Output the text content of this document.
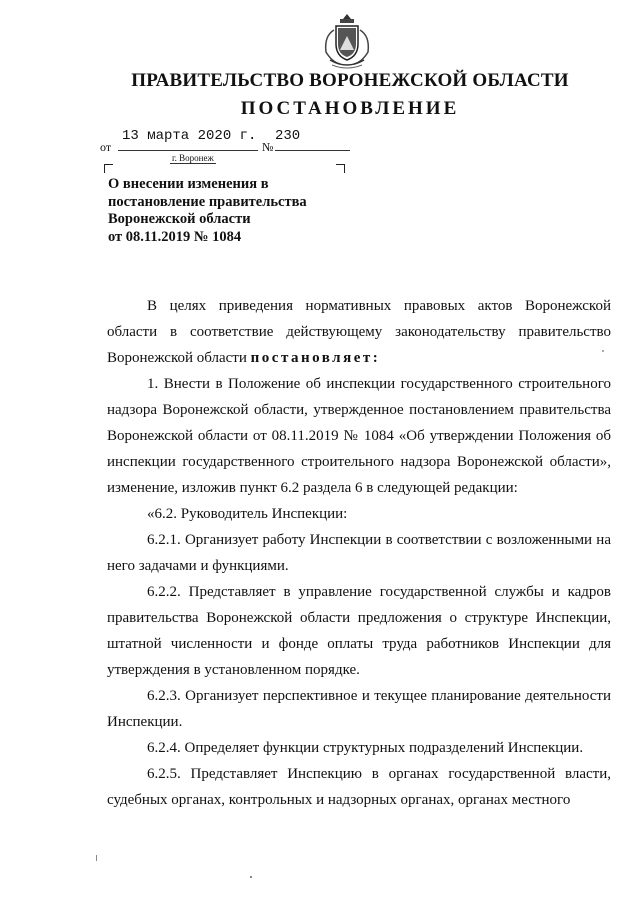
ПРАВИТЕЛЬСТВО ВОРОНЕЖСКОЙ ОБЛАСТИ
ПОСТАНОВЛЕНИЕ
от
13 марта 2020 г.
№
230
г. Воронеж
О внесении изменения в
постановление правительства
Воронежской области
от 08.11.2019 № 1084

В целях приведения нормативных правовых актов Воронежской области в соответствие действующему законодательству правительство Воронежской области постановляет:

1. Внести в Положение об инспекции государственного строительного надзора Воронежской области, утвержденное постановлением правительства Воронежской области от 08.11.2019 № 1084 «Об утверждении Положения об инспекции государственного строительного надзора Воронежской области», изменение, изложив пункт 6.2 раздела 6 в следующей редакции:

«6.2. Руководитель Инспекции:

6.2.1. Организует работу Инспекции в соответствии с возложенными на него задачами и функциями.

6.2.2. Представляет в управление государственной службы и кадров правительства Воронежской области предложения о структуре Инспекции, штатной численности и фонде оплаты труда работников Инспекции для утверждения в установленном порядке.

6.2.3. Организует перспективное и текущее планирование деятельности Инспекции.

6.2.4. Определяет функции структурных подразделений Инспекции.

6.2.5. Представляет Инспекцию в органах государственной власти, судебных органах, контрольных и надзорных органах, органах местного
